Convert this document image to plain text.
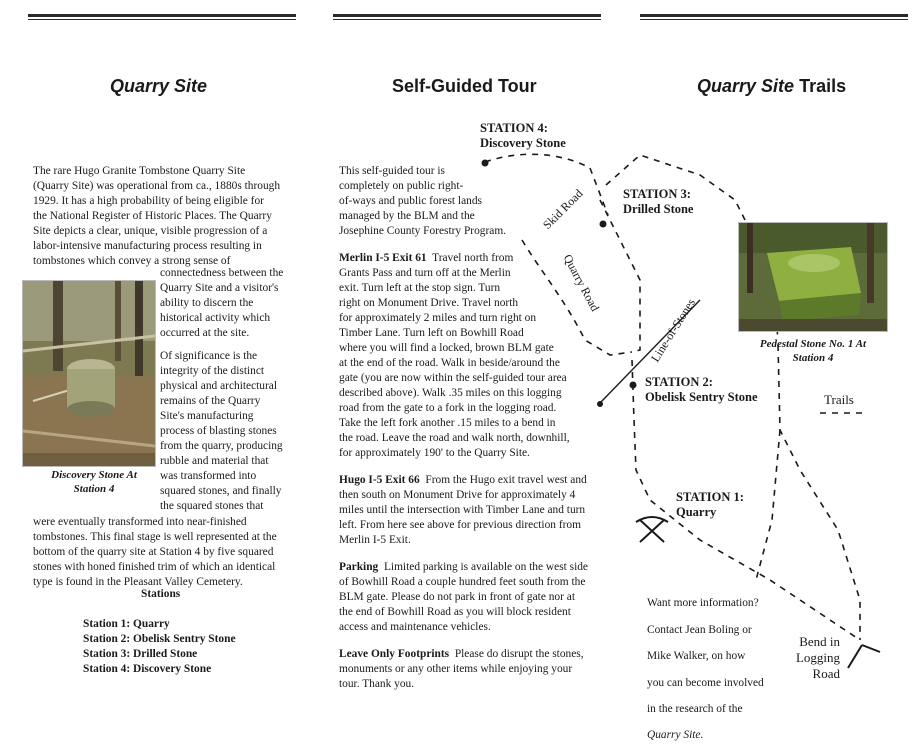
Quarry Site

The rare Hugo Granite Tombstone Quarry Site

(Quarry Site) was operational from ca., 1880s through

1929. It has a high probability of being eligible for

the National Register of Historic Places. The Quarry

Site depicts a clear, unique, visible progression of a

labor-intensive manufacturing process resulting in

tombstones which convey a strong sense of

Discovery Stone At
Station 4

connectedness between the

Quarry Site and a visitor's

ability to discern the

historical activity which

occurred at the site.

Of significance is the

integrity of the distinct

physical and architectural

remains of the Quarry

Site's manufacturing

process of blasting stones

from the quarry, producing

rubble and material that

was transformed into

squared stones, and finally

the squared stones that

were eventually transformed into near-finished

tombstones. This final stage is well represented at the

bottom of the quarry site at Station 4 by five squared

stones with honed finished trim of which an identical

type is found in the Pleasant Valley Cemetery.

Stations
Station 1: Quarry
Station 2: Obelisk Sentry Stone
Station 3: Drilled Stone
Station 4: Discovery Stone
Self-Guided Tour

This self-guided tour is

completely on public right-

of-ways and public forest lands

managed by the BLM and the

Josephine County Forestry Program.

Merlin I-5 Exit 61 Travel north from

Grants Pass and turn off at the Merlin

exit. Turn left at the stop sign. Turn

right on Monument Drive. Travel north

for approximately 2 miles and turn right on

Timber Lane. Turn left on Bowhill Road

where you will find a locked, brown BLM gate

at the end of the road. Walk in beside/around the

gate (you are now within the self-guided tour area

described above). Walk .35 miles on this logging

road from the gate to a fork in the logging road.

Take the left fork another .15 miles to a bend in

the road. Leave the road and walk north, downhill,

for approximately 190' to the Quarry Site.

Hugo I-5 Exit 66 From the Hugo exit travel west and

then south on Monument Drive for approximately 4

miles until the intersection with Timber Lane and turn

left. From here see above for previous direction from

Merlin I-5 Exit.

Parking Limited parking is available on the west side

of Bowhill Road a couple hundred feet south from the

BLM gate. Please do not park in front of gate nor at

the end of Bowhill Road as you will block resident

access and maintenance vehicles.

Leave Only Footprints Please do disrupt the stones,

monuments or any other items while enjoying your

tour. Thank you.

Quarry Site Trails
STATION 4:
Discovery Stone
STATION 3:
Drilled Stone
STATION 2:
Obelisk Sentry Stone
STATION 1:
Quarry
Skid Road
Quarry Road
Line-of-Stones	Pedestal Stone No. 1 At
Station 4
Trails

Want more information?

Contact Jean Boling or

Mike Walker, on how

you can become involved

in the research of the

Quarry Site.

Bend in
Logging
Road
